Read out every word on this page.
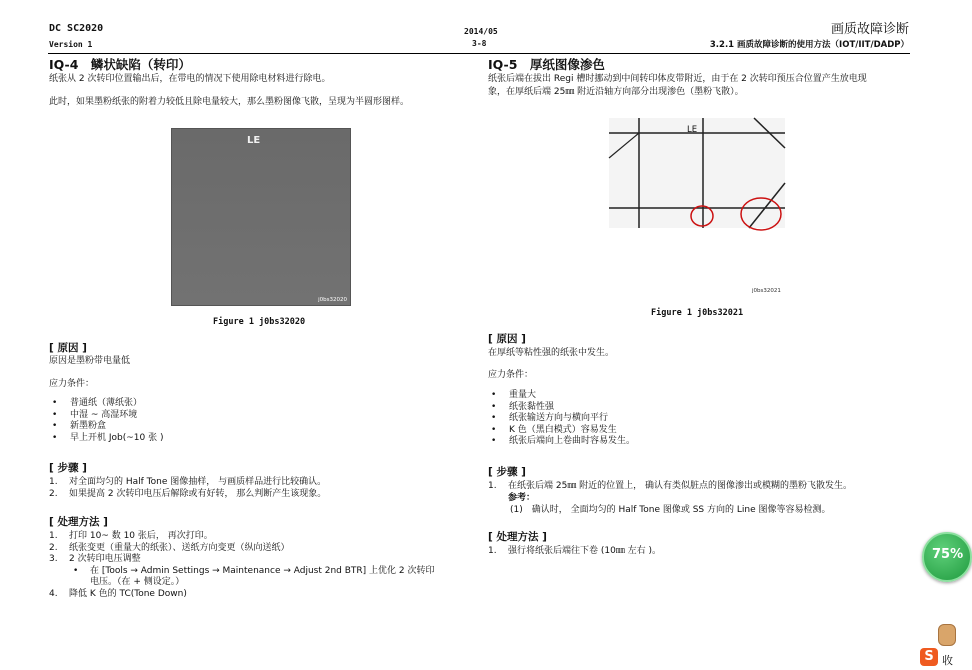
DC SC2020
Version 1
2014/05
3-8
画质故障诊断
3.2.1 画质故障诊断的使用方法（IOT/IIT/DADP）
IQ-4　鳞状缺陷（转印）
纸张从 2 次转印位置输出后，在带电的情况下使用除电材料进行除电。
此时，如果墨粉纸张的附着力较低且除电量较大，那么墨粉图像飞散，呈现为半圆形图样。
LE
j0bs32020
Figure 1 j0bs32020
[ 原因 ]
原因是墨粉带电量低
应力条件：
• 普通纸（薄纸张）
• 中湿 ~ 高湿环境
• 新墨粉盒
• 早上开机 Job(~10 张 )
[ 步骤 ]
1. 对全面均匀的 Half Tone 图像抽样， 与画质样品进行比较确认。
2. 如果提高 2 次转印电压后解除或有好转， 那么判断产生该现象。
[ 处理方法 ]
1. 打印 10~ 数 10 张后， 再次打印。
2. 纸张变更（重量大的纸张）、送纸方向变更（纵向送纸）
3. 2 次转印电压调整
• 在 [Tools → Admin Settings → Maintenance → Adjust 2nd BTR] 上优化 2 次转印
电压。（在 + 侧设定。）
4. 降低 K 色的 TC(Tone Down)
IQ-5　厚纸图像渗色
纸张后端在拔出 Regi 槽时挪动到中间转印体皮带附近，由于在 2 次转印预压合位置产生放电现
象，在厚纸后端 25㎜ 附近沿轴方向部分出现渗色（墨粉飞散）。
LE
j0bs32021
Figure 1 j0bs32021
[ 原因 ]
在厚纸等粘性强的纸张中发生。
应力条件：
• 重量大
• 纸张黏性强
• 纸张输送方向与横向平行
• K 色（黑白模式）容易发生
• 纸张后端向上卷曲时容易发生。
[ 步骤 ]
1. 在纸张后端 25㎜ 附近的位置上， 确认有类似脏点的图像渗出或模糊的墨粉飞散发生。
参考：
(1)　确认时， 全面均匀的 Half Tone 图像或 SS 方向的 Line 图像等容易检测。
[ 处理方法 ]
1. 强行将纸张后端往下卷 (10㎜ 左右 )。	75%
S 收
